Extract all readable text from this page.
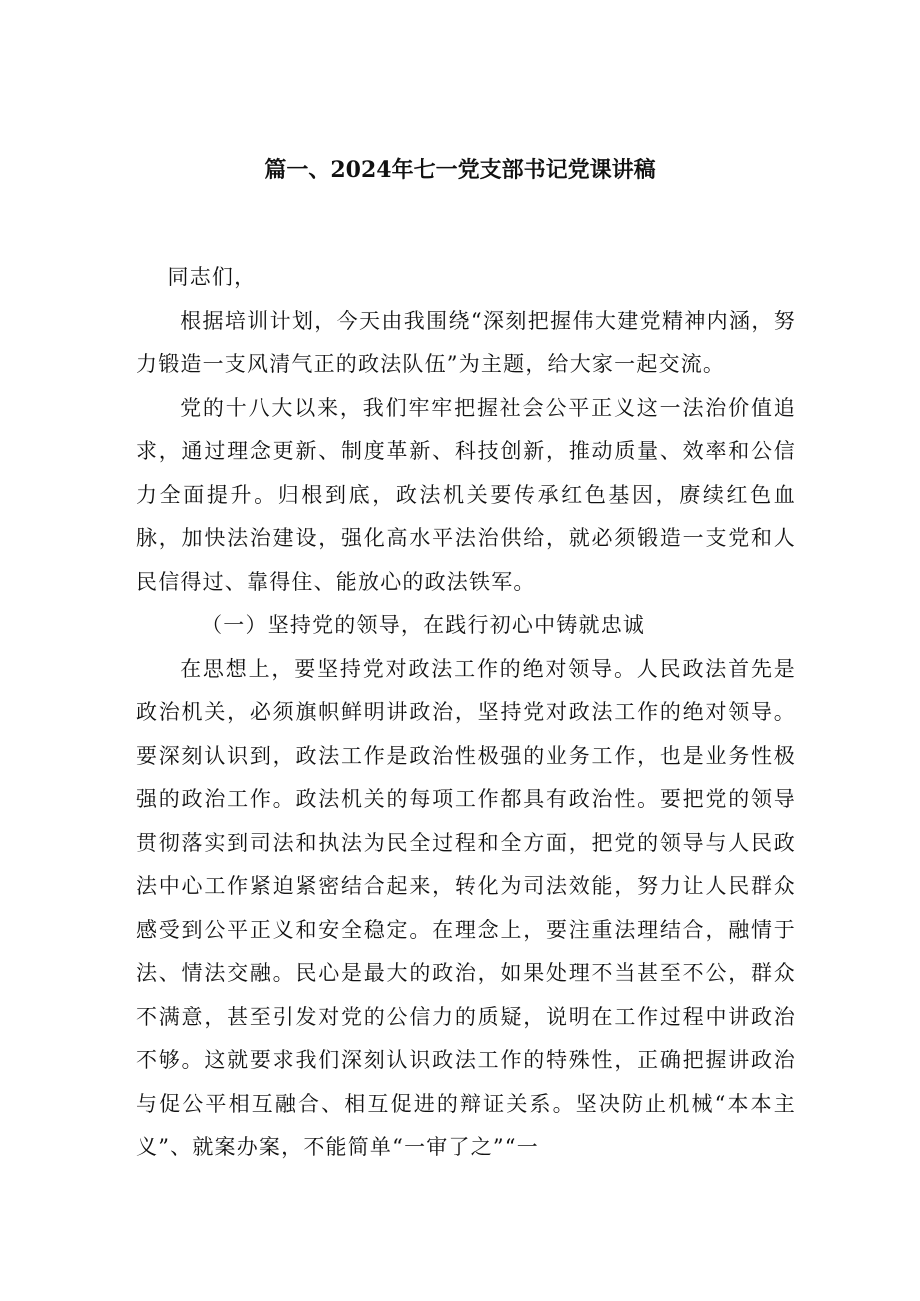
篇一、2024年七一党支部书记党课讲稿

同志们，

根据培训计划，今天由我围绕“深刻把握伟大建党精神内涵，努力锻造一支风清气正的政法队伍”为主题，给大家一起交流。

党的十八大以来，我们牢牢把握社会公平正义这一法治价值追求，通过理念更新、制度革新、科技创新，推动质量、效率和公信力全面提升。归根到底，政法机关要传承红色基因，赓续红色血脉，加快法治建设，强化高水平法治供给，就必须锻造一支党和人民信得过、靠得住、能放心的政法铁军。

（一）坚持党的领导，在践行初心中铸就忠诚

在思想上，要坚持党对政法工作的绝对领导。人民政法首先是政治机关，必须旗帜鲜明讲政治，坚持党对政法工作的绝对领导。要深刻认识到，政法工作是政治性极强的业务工作，也是业务性极强的政治工作。政法机关的每项工作都具有政治性。要把党的领导贯彻落实到司法和执法为民全过程和全方面，把党的领导与人民政法中心工作紧迫紧密结合起来，转化为司法效能，努力让人民群众感受到公平正义和安全稳定。在理念上，要注重法理结合，融情于法、情法交融。民心是最大的政治，如果处理不当甚至不公，群众不满意，甚至引发对党的公信力的质疑，说明在工作过程中讲政治不够。这就要求我们深刻认识政法工作的特殊性，正确把握讲政治与促公平相互融合、相互促进的辩证关系。坚决防止机械“本本主义”、就案办案，不能简单“一审了之”“一
